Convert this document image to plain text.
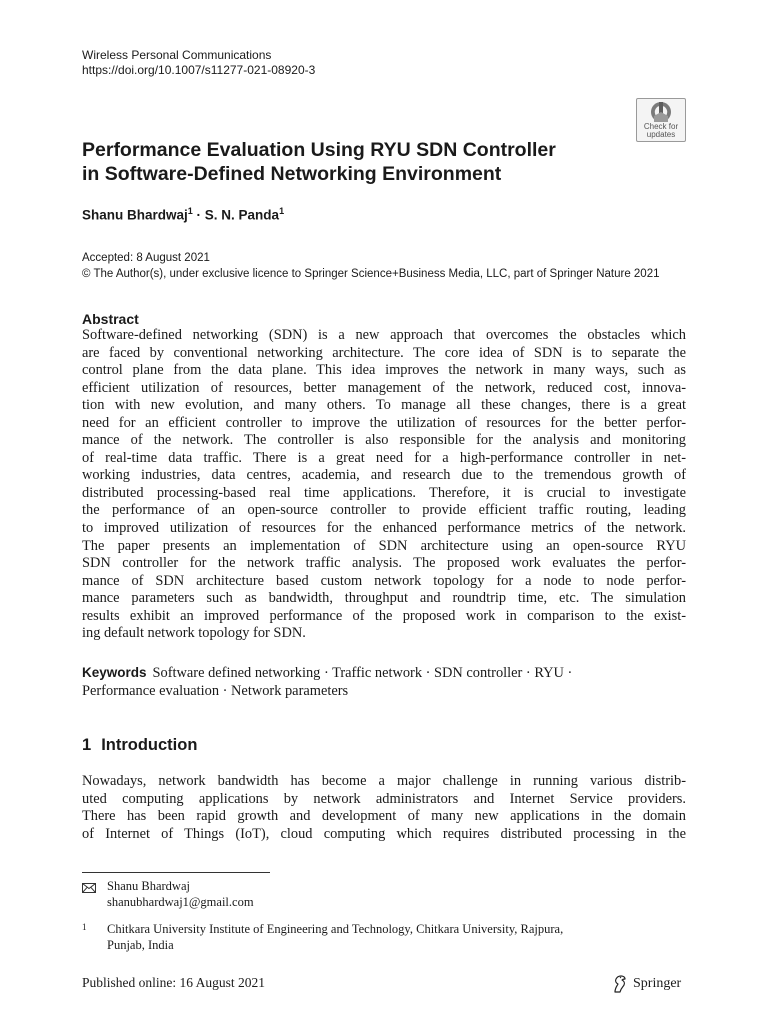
Wireless Personal Communications
https://doi.org/10.1007/s11277-021-08920-3
Check for
updates
Performance Evaluation Using RYU SDN Controller
in Software-Defined Networking Environment
Shanu Bhardwaj$^1$ · S. N. Panda$^1$
Accepted: 8 August 2021
© The Author(s), under exclusive licence to Springer Science+Business Media, LLC, part of Springer Nature 2021
Abstract
Software-defined networking (SDN) is a new approach that overcomes the obstacles which
are faced by conventional networking architecture. The core idea of SDN is to separate the
control plane from the data plane. This idea improves the network in many ways, such as
efficient utilization of resources, better management of the network, reduced cost, innova-
tion with new evolution, and many others. To manage all these changes, there is a great
need for an efficient controller to improve the utilization of resources for the better perfor-
mance of the network. The controller is also responsible for the analysis and monitoring
of real-time data traffic. There is a great need for a high-performance controller in net-
working industries, data centres, academia, and research due to the tremendous growth of
distributed processing-based real time applications. Therefore, it is crucial to investigate
the performance of an open-source controller to provide efficient traffic routing, leading
to improved utilization of resources for the enhanced performance metrics of the network.
The paper presents an implementation of SDN architecture using an open-source RYU
SDN controller for the network traffic analysis. The proposed work evaluates the perfor-
mance of SDN architecture based custom network topology for a node to node perfor-
mance parameters such as bandwidth, throughput and roundtrip time, etc. The simulation
results exhibit an improved performance of the proposed work in comparison to the exist-
ing default network topology for SDN.
Keywords Software defined networking · Traffic network · SDN controller · RYU ·
Performance evaluation · Network parameters
1 Introduction
Nowadays, network bandwidth has become a major challenge in running various distrib-
uted computing applications by network administrators and Internet Service providers.
There has been rapid growth and development of many new applications in the domain
of Internet of Things (IoT), cloud computing which requires distributed processing in the
Shanu Bhardwaj
shanubhardwaj1@gmail.com
1 Chitkara University Institute of Engineering and Technology, Chitkara University, Rajpura,
Punjab, India
Published online: 16 August 2021	Springer
